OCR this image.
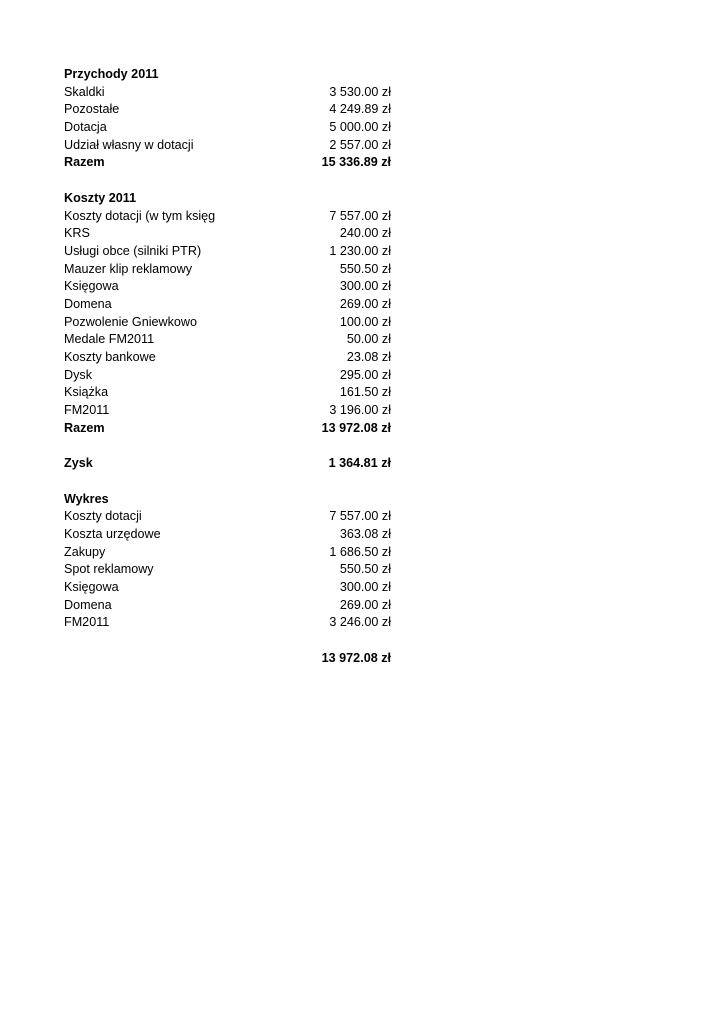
Przychody 2011
Skaldki	3 530.00 zł
Pozostałe	4 249.89 zł
Dotacja	5 000.00 zł
Udział własny w dotacji	2 557.00 zł
Razem	15 336.89 zł
Koszty 2011
Koszty dotacji (w tym księg	7 557.00 zł
KRS	240.00 zł
Usługi obce (silniki PTR)	1 230.00 zł
Mauzer klip reklamowy	550.50 zł
Księgowa	300.00 zł
Domena	269.00 zł
Pozwolenie Gniewkowo	100.00 zł
Medale FM2011	50.00 zł
Koszty bankowe	23.08 zł
Dysk	295.00 zł
Książka	161.50 zł
FM2011	3 196.00 zł
Razem	13 972.08 zł
Zysk	1 364.81 zł
Wykres
Koszty dotacji	7 557.00 zł
Koszta urzędowe	363.08 zł
Zakupy	1 686.50 zł
Spot reklamowy	550.50 zł
Księgowa	300.00 zł
Domena	269.00 zł
FM2011	3 246.00 zł
13 972.08 zł
